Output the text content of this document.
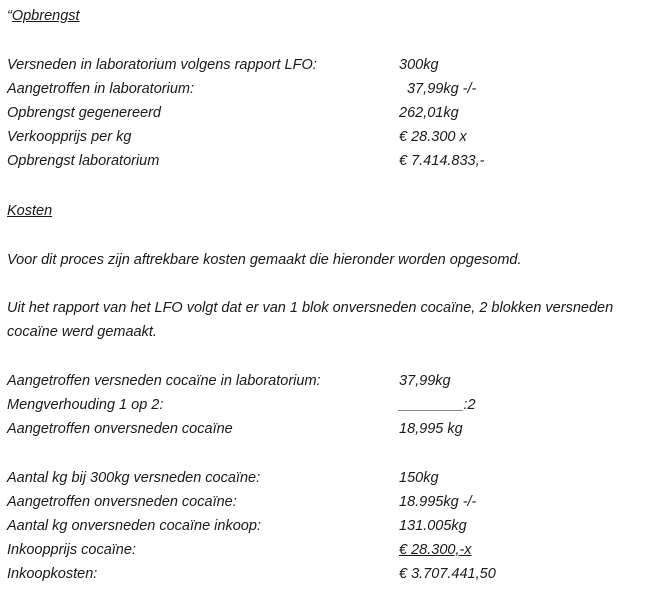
“Opbrengst
Versneden in laboratorium volgens rapport LFO:	300kg
Aangetroffen in laboratorium:	37,99kg -/-
Opbrengst gegenereerd	262,01kg
Verkoopprijs per kg	€ 28.300 x
Opbrengst laboratorium	€ 7.414.833,-
Kosten
Voor dit proces zijn aftrekbare kosten gemaakt die hieronder worden opgesomd.
Uit het rapport van het LFO volgt dat er van 1 blok onversneden cocaïne, 2 blokken versneden
cocaïne werd gemaakt.
Aangetroffen versneden cocaïne in laboratorium:	37,99kg
Mengverhouding 1 op 2:	________:2
Aangetroffen onversneden cocaïne	18,995 kg
Aantal kg bij 300kg versneden cocaïne:	150kg
Aangetroffen onversneden cocaïne:	18.995kg -/-
Aantal kg onversneden cocaïne inkoop:	131.005kg
Inkoopprijs cocaïne:	€ 28.300,-x
Inkoopkosten:	€ 3.707.441,50
